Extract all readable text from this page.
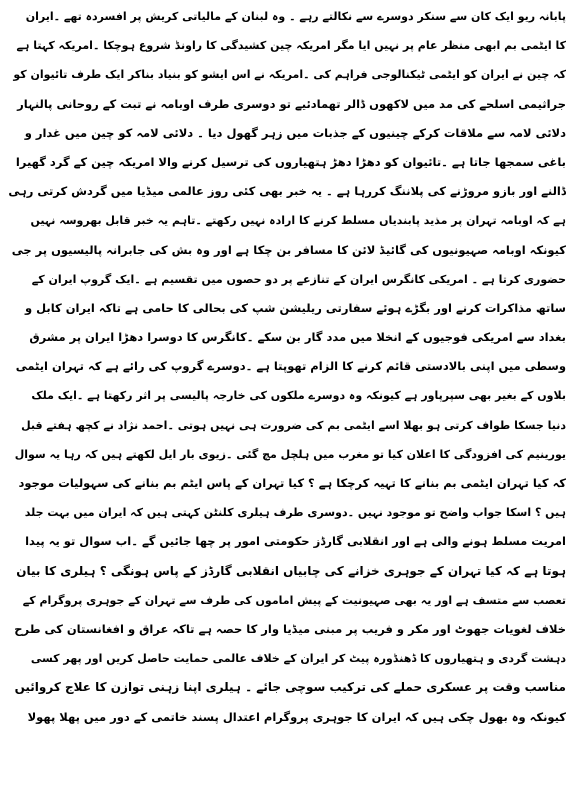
پابانہ ریو ایک کان سے سنکر دوسرے سے نکالتے رہے ۔ وہ لبنان کے مالیاتی کریش پر افسردہ تھے ۔ایران
کا ایٹمی بم ابھی منظر عام پر نہیں ایا مگر امریکہ چین کشیدگی کا راونڈ شروع ہوچکا ۔امریکہ کہتا ہے
کہ چین نے ایران کو ایٹمی ٹیکنالوجی فراہم کی ۔امریکہ نے اس ایشو کو بنیاد بناکر ایک طرف تائیوان کو
جراثیمی اسلحے کی مد میں لاکھوں ڈالر تھمادئیے تو دوسری طرف اوبامہ نے تبت کے روحانی پالنہار
دلائی لامہ سے ملاقات کرکے چینیوں کے جذبات میں زہر گھول دیا ۔ دلائی لامہ کو چین میں غدار و
باغی سمجھا جاتا ہے ۔تائیوان کو دھڑا دھڑ ہتھیاروں کی ترسیل کرنے والا امریکہ چین کے گرد گھیرا
ڈالنے اور بازو مروڑنے کی پلاننگ کررہا ہے ۔ یہ خبر بھی کئی روز عالمی میڈیا میں گردش کرتی رہی
ہے کہ اوبامہ تہران پر مذید پابندیاں مسلط کرنے کا ارادہ نہیں رکھتے ۔تاہم یہ خبر قابل بھروسہ نہیں
کیونکہ اوبامہ صہیونیوں کی گائیڈ لائن کا مسافر بن چکا ہے اور وہ بش کی جابرانہ پالیسیوں پر جی
حضوری کرتا ہے ۔ امریکی کانگرس ایران کے تنازعے پر دو حصوں میں تقسیم ہے ۔ایک گروپ ایران کے
ساتھ مذاکرات کرنے اور بگڑے ہوئے سفارتی ریلیشن شپ کی بحالی کا حامی ہے تاکہ ایران کابل و
بغداد سے امریکی فوجیوں کے انخلا میں مدد گار بن سکے ۔کانگرس کا دوسرا دھڑا ایران پر مشرق
وسطی میں اپنی بالادستی قائم کرنے کا الزام تھوپتا ہے ۔دوسرے گروپ کی رائے ہے کہ تہران ایٹمی
بلاوں کے بغیر بھی سپرپاور ہے کیونکہ وہ دوسرے ملکوں کی خارجہ پالیسی پر اثر رکھتا ہے ۔ایک ملک
دنیا جسکا طواف کرتی ہو بھلا اسے ایٹمی بم کی ضرورت ہی نہیں ہوتی ۔احمد نژاد نے کچھ ہفتے قبل
یورینیم کی افزودگی کا اعلان کیا تو مغرب میں ہلچل مچ گئی ۔زیوی بار ایل لکھتے ہیں کہ رہا یہ سوال
کہ کیا تہران ایٹمی بم بنانے کا تہیہ کرچکا ہے ؟ کیا تہران کے پاس ایٹم بم بنانے کی سہولیات موجود
ہیں ؟ اسکا جواب واضح تو موجود نہیں ۔دوسری طرف ہیلری کلنٹن کہتی ہیں کہ ایران میں بہت جلد
امریت مسلط ہونے والی ہے اور انقلابی گارڈز حکومتی امور پر چھا جائیں گے ۔اب سوال تو یہ پیدا
ہوتا ہے کہ کیا تہران کے جوہری خزانے کی چابیاں انقلابی گارڈز کے پاس ہونگی ؟ ہیلری کا بیان
تعصب سے متسف ہے اور یہ بھی صہیونیت کے پیش اماموں کی طرف سے تہران کے جوہری پروگرام کے
خلاف لغویات جھوٹ اور مکر و فریب پر مبنی میڈیا وار کا حصہ ہے تاکہ عراق و افغانستان کی طرح
دہشت گردی و ہتھیاروں کا ڈھنڈورہ پیٹ کر ایران کے خلاف عالمی حمایت حاصل کریں اور پھر کسی
مناسب وقت پر عسکری حملے کی ترکیب سوچی جائے ۔ ہیلری اپنا زہنی توازن کا علاج کروائیں
کیونکہ وہ بھول چکی ہیں کہ ایران کا جوہری پروگرام اعتدال پسند خاتمی کے دور میں پھلا پھولا
